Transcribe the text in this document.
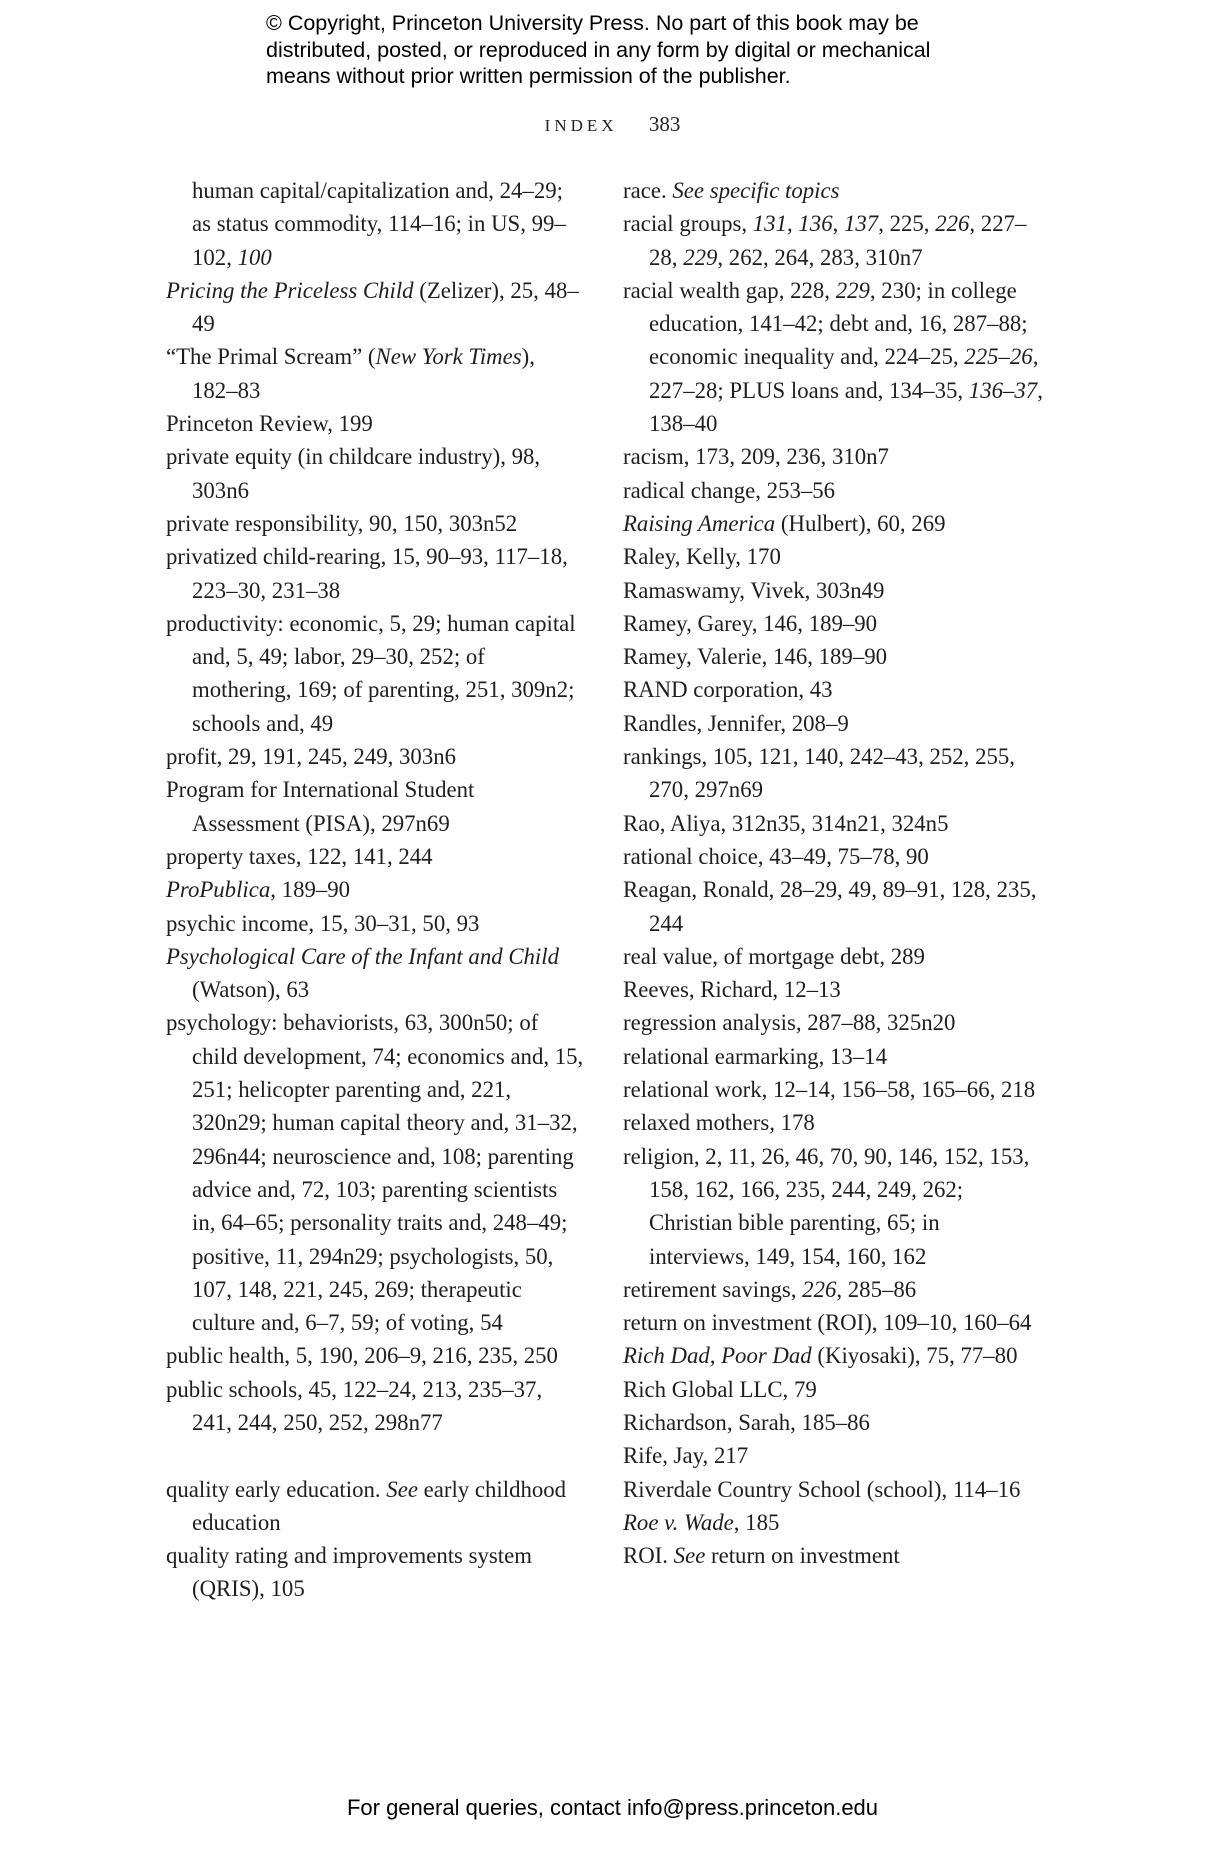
© Copyright, Princeton University Press. No part of this book may be
distributed, posted, or reproduced in any form by digital or mechanical
means without prior written permission of the publisher.
INDEX 383
human capital/capitalization and, 24–29; as status commodity, 114–16; in US, 99–102, 100
Pricing the Priceless Child (Zelizer), 25, 48–49
“The Primal Scream” (New York Times), 182–83
Princeton Review, 199
private equity (in childcare industry), 98, 303n6
private responsibility, 90, 150, 303n52
privatized child-rearing, 15, 90–93, 117–18, 223–30, 231–38
productivity: economic, 5, 29; human capital and, 5, 49; labor, 29–30, 252; of mothering, 169; of parenting, 251, 309n2; schools and, 49
profit, 29, 191, 245, 249, 303n6
Program for International Student Assessment (PISA), 297n69
property taxes, 122, 141, 244
ProPublica, 189–90
psychic income, 15, 30–31, 50, 93
Psychological Care of the Infant and Child (Watson), 63
psychology: behaviorists, 63, 300n50; of child development, 74; economics and, 15, 251; helicopter parenting and, 221, 320n29; human capital theory and, 31–32, 296n44; neuroscience and, 108; parenting advice and, 72, 103; parenting scientists in, 64–65; personality traits and, 248–49; positive, 11, 294n29; psychologists, 50, 107, 148, 221, 245, 269; therapeutic culture and, 6–7, 59; of voting, 54
public health, 5, 190, 206–9, 216, 235, 250
public schools, 45, 122–24, 213, 235–37, 241, 244, 250, 252, 298n77
quality early education. See early childhood education
quality rating and improvements system (QRIS), 105
race. See specific topics
racial groups, 131, 136, 137, 225, 226, 227–28, 229, 262, 264, 283, 310n7
racial wealth gap, 228, 229, 230; in college education, 141–42; debt and, 16, 287–88; economic inequality and, 224–25, 225–26, 227–28; PLUS loans and, 134–35, 136–37, 138–40
racism, 173, 209, 236, 310n7
radical change, 253–56
Raising America (Hulbert), 60, 269
Raley, Kelly, 170
Ramaswamy, Vivek, 303n49
Ramey, Garey, 146, 189–90
Ramey, Valerie, 146, 189–90
RAND corporation, 43
Randles, Jennifer, 208–9
rankings, 105, 121, 140, 242–43, 252, 255, 270, 297n69
Rao, Aliya, 312n35, 314n21, 324n5
rational choice, 43–49, 75–78, 90
Reagan, Ronald, 28–29, 49, 89–91, 128, 235, 244
real value, of mortgage debt, 289
Reeves, Richard, 12–13
regression analysis, 287–88, 325n20
relational earmarking, 13–14
relational work, 12–14, 156–58, 165–66, 218
relaxed mothers, 178
religion, 2, 11, 26, 46, 70, 90, 146, 152, 153, 158, 162, 166, 235, 244, 249, 262; Christian bible parenting, 65; in interviews, 149, 154, 160, 162
retirement savings, 226, 285–86
return on investment (ROI), 109–10, 160–64
Rich Dad, Poor Dad (Kiyosaki), 75, 77–80
Rich Global LLC, 79
Richardson, Sarah, 185–86
Rife, Jay, 217
Riverdale Country School (school), 114–16
Roe v. Wade, 185
ROI. See return on investment
For general queries, contact info@press.princeton.edu
